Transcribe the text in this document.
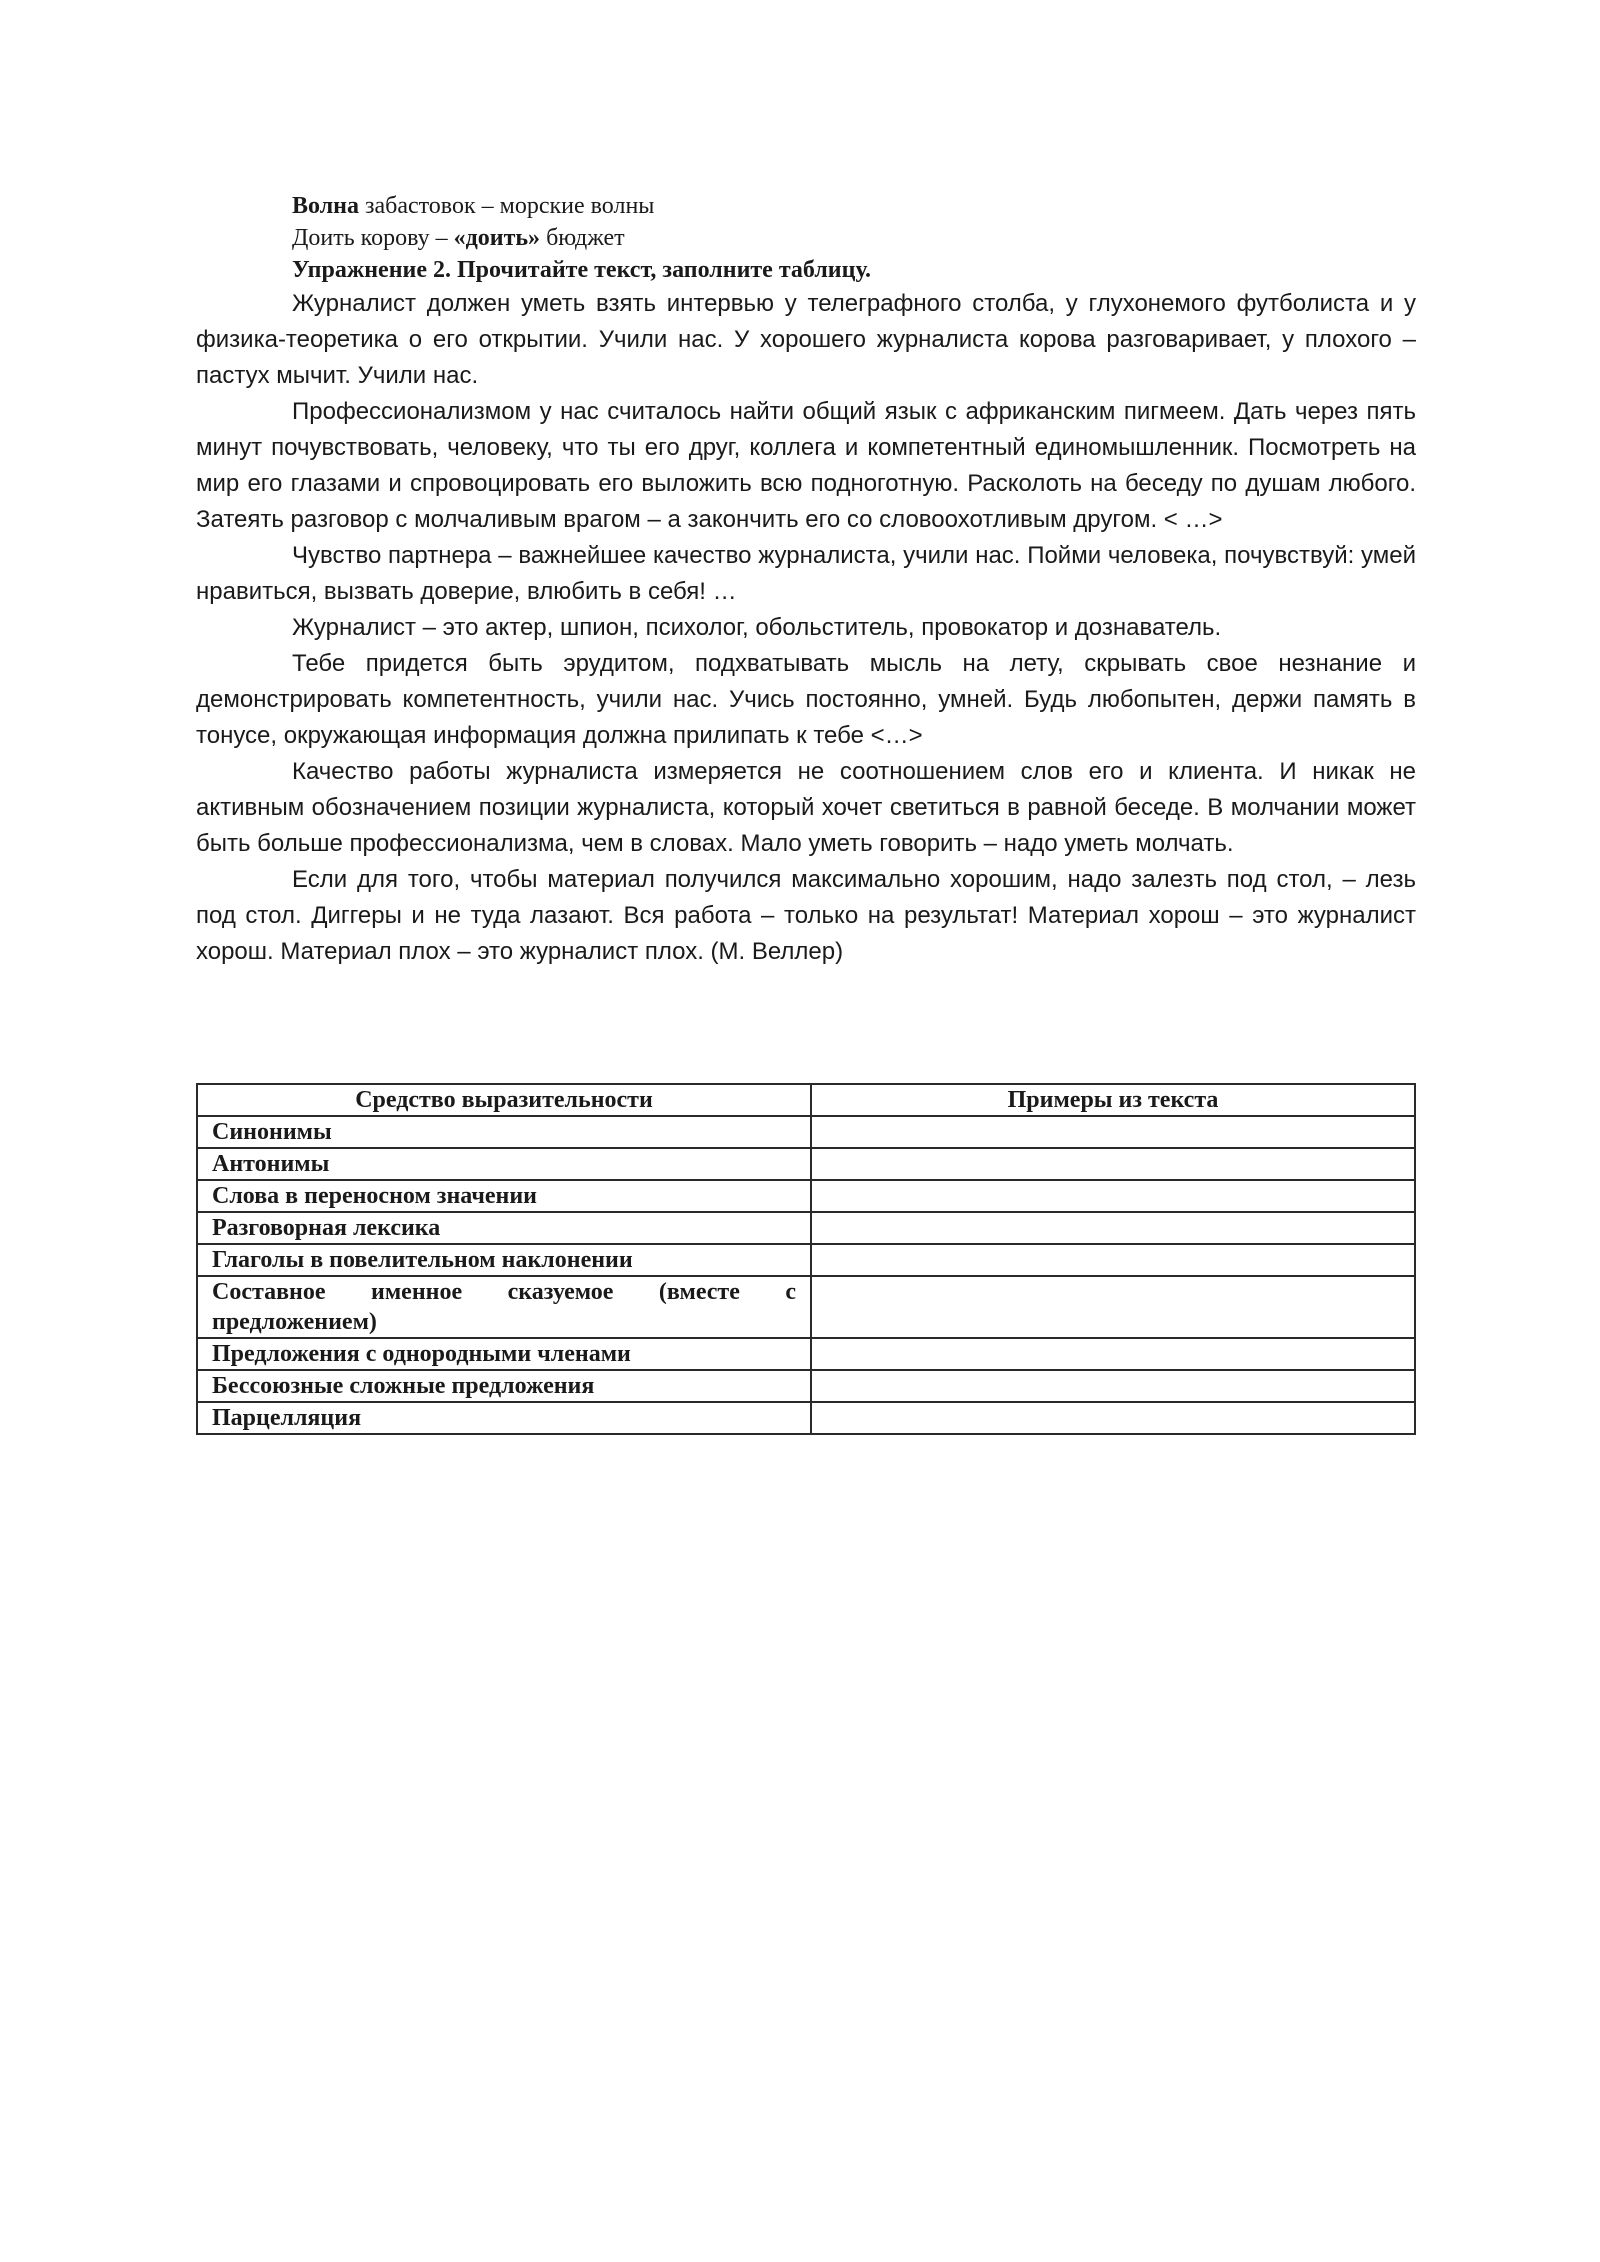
Волна забастовок – морские волны
Доить корову – «доить» бюджет
Упражнение 2. Прочитайте текст, заполните таблицу.

Журналист должен уметь взять интервью у телеграфного столба, у глухонемого футболиста и у физика-теоретика о его открытии. Учили нас. У хорошего журналиста корова разговаривает, у плохого – пастух мычит. Учили нас.

Профессионализмом у нас считалось найти общий язык с африканским пигмеем. Дать через пять минут почувствовать, человеку, что ты его друг, коллега и компетентный единомышленник. Посмотреть на мир его глазами и спровоцировать его выложить всю подноготную. Расколоть на беседу по душам любого. Затеять разговор с молчаливым врагом – а закончить его со словоохотливым другом. < …>

Чувство партнера – важнейшее качество журналиста, учили нас. Пойми человека, почувствуй: умей нравиться, вызвать доверие, влюбить в себя! …

Журналист – это актер, шпион, психолог, обольститель, провокатор и дознаватель.

Тебе придется быть эрудитом, подхватывать мысль на лету, скрывать свое незнание и демонстрировать компетентность, учили нас. Учись постоянно, умней. Будь любопытен, держи память в тонусе, окружающая информация должна прилипать к тебе <…>

Качество работы журналиста измеряется не соотношением слов его и клиента. И никак не активным обозначением позиции журналиста, который хочет светиться в равной беседе. В молчании может быть больше профессионализма, чем в словах. Мало уметь говорить – надо уметь молчать.

Если для того, чтобы материал получился максимально хорошим, надо залезть под стол, – лезь под стол. Диггеры и не туда лазают. Вся работа – только на результат! Материал хорош – это журналист хорош. Материал плох – это журналист плох. (М. Веллер)

Средство выразительности	Примеры из текста
Синонимы	
Антонимы	
Слова в переносном значении	
Разговорная лексика	
Глаголы в повелительном наклонении	
Составное именное сказуемое (вместе с предложением)	
Предложения с однородными членами	
Бессоюзные сложные предложения	
Парцелляция	
